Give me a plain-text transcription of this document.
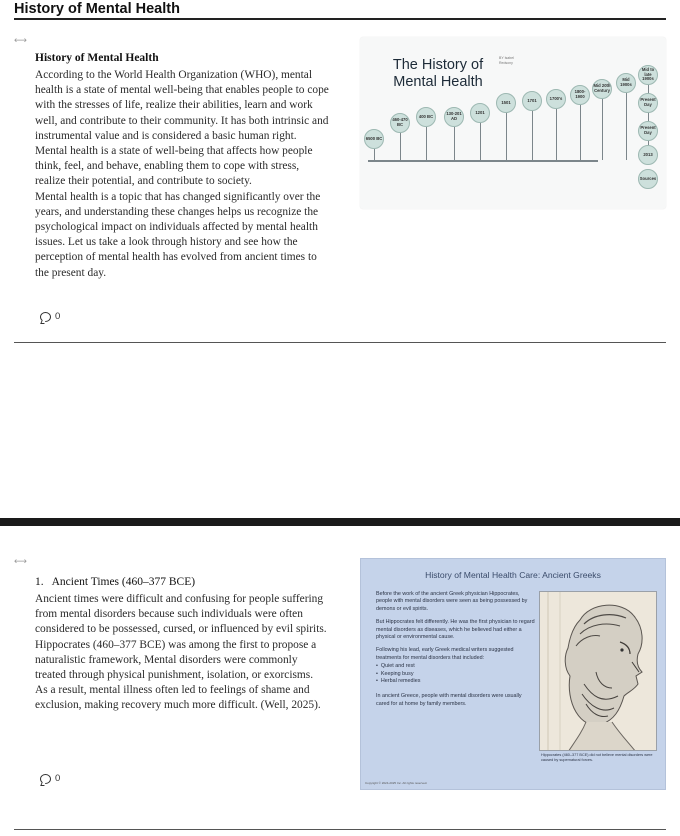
History of Mental Health
⟷
History of Mental Health

According to the World Health Organization (WHO), mental health is a state of mental well-being that enables people to cope with the stresses of life, realize their abilities, learn and work well, and contribute to their community. It has both intrinsic and instrumental value and is considered a basic human right. Mental health is a state of well-being that affects how people think, feel, and behave, enabling them to cope with stress, realize their potential, and contribute to society.

Mental health is a topic that has changed significantly over the years, and understanding these changes helps us recognize the psychological impact on individuals affected by mental health issues. Let us take a look through history and see how the perception of mental health has evolved from ancient times to the present day.

The History of Mental Health
BY Isabel Redsony
6500 BC
460-470 BC
400 BC	130-201 AD
1201
1501	1701	1700's
1800-1900
Mid 20th Century
Mid 1900s
Mid to late 1900s
Present Day
Present Day
2013
Sources
0
⟷
1. Ancient Times (460–377 BCE)

Ancient times were difficult and confusing for people suffering from mental disorders because such individuals were often considered to be possessed, cursed, or influenced by evil spirits. Hippocrates (460–377 BCE) was among the first to propose a naturalistic framework, Mental disorders were commonly treated through physical punishment, isolation, or exorcisms. As a result, mental illness often led to feelings of shame and exclusion, making recovery much more difficult. (Well, 2025).

History of Mental Health Care: Ancient Greeks

Before the work of the ancient Greek physician Hippocrates, people with mental disorders were seen as being possessed by demons or evil spirits.

But Hippocrates felt differently. He was the first physician to regard mental disorders as diseases, which he believed had either a physical or environmental cause.

Following his lead, early Greek medical writers suggested treatments for mental disorders that included:

• Quiet and rest
• Keeping busy
• Herbal remedies

In ancient Greece, people with mental disorders were usually cared for at home by family members.

Hippocrates (460–377 BCE) did not believe mental disorders were caused by supernatural forces.
Copyright © 2024-2025 Inc. All rights reserved.
0
